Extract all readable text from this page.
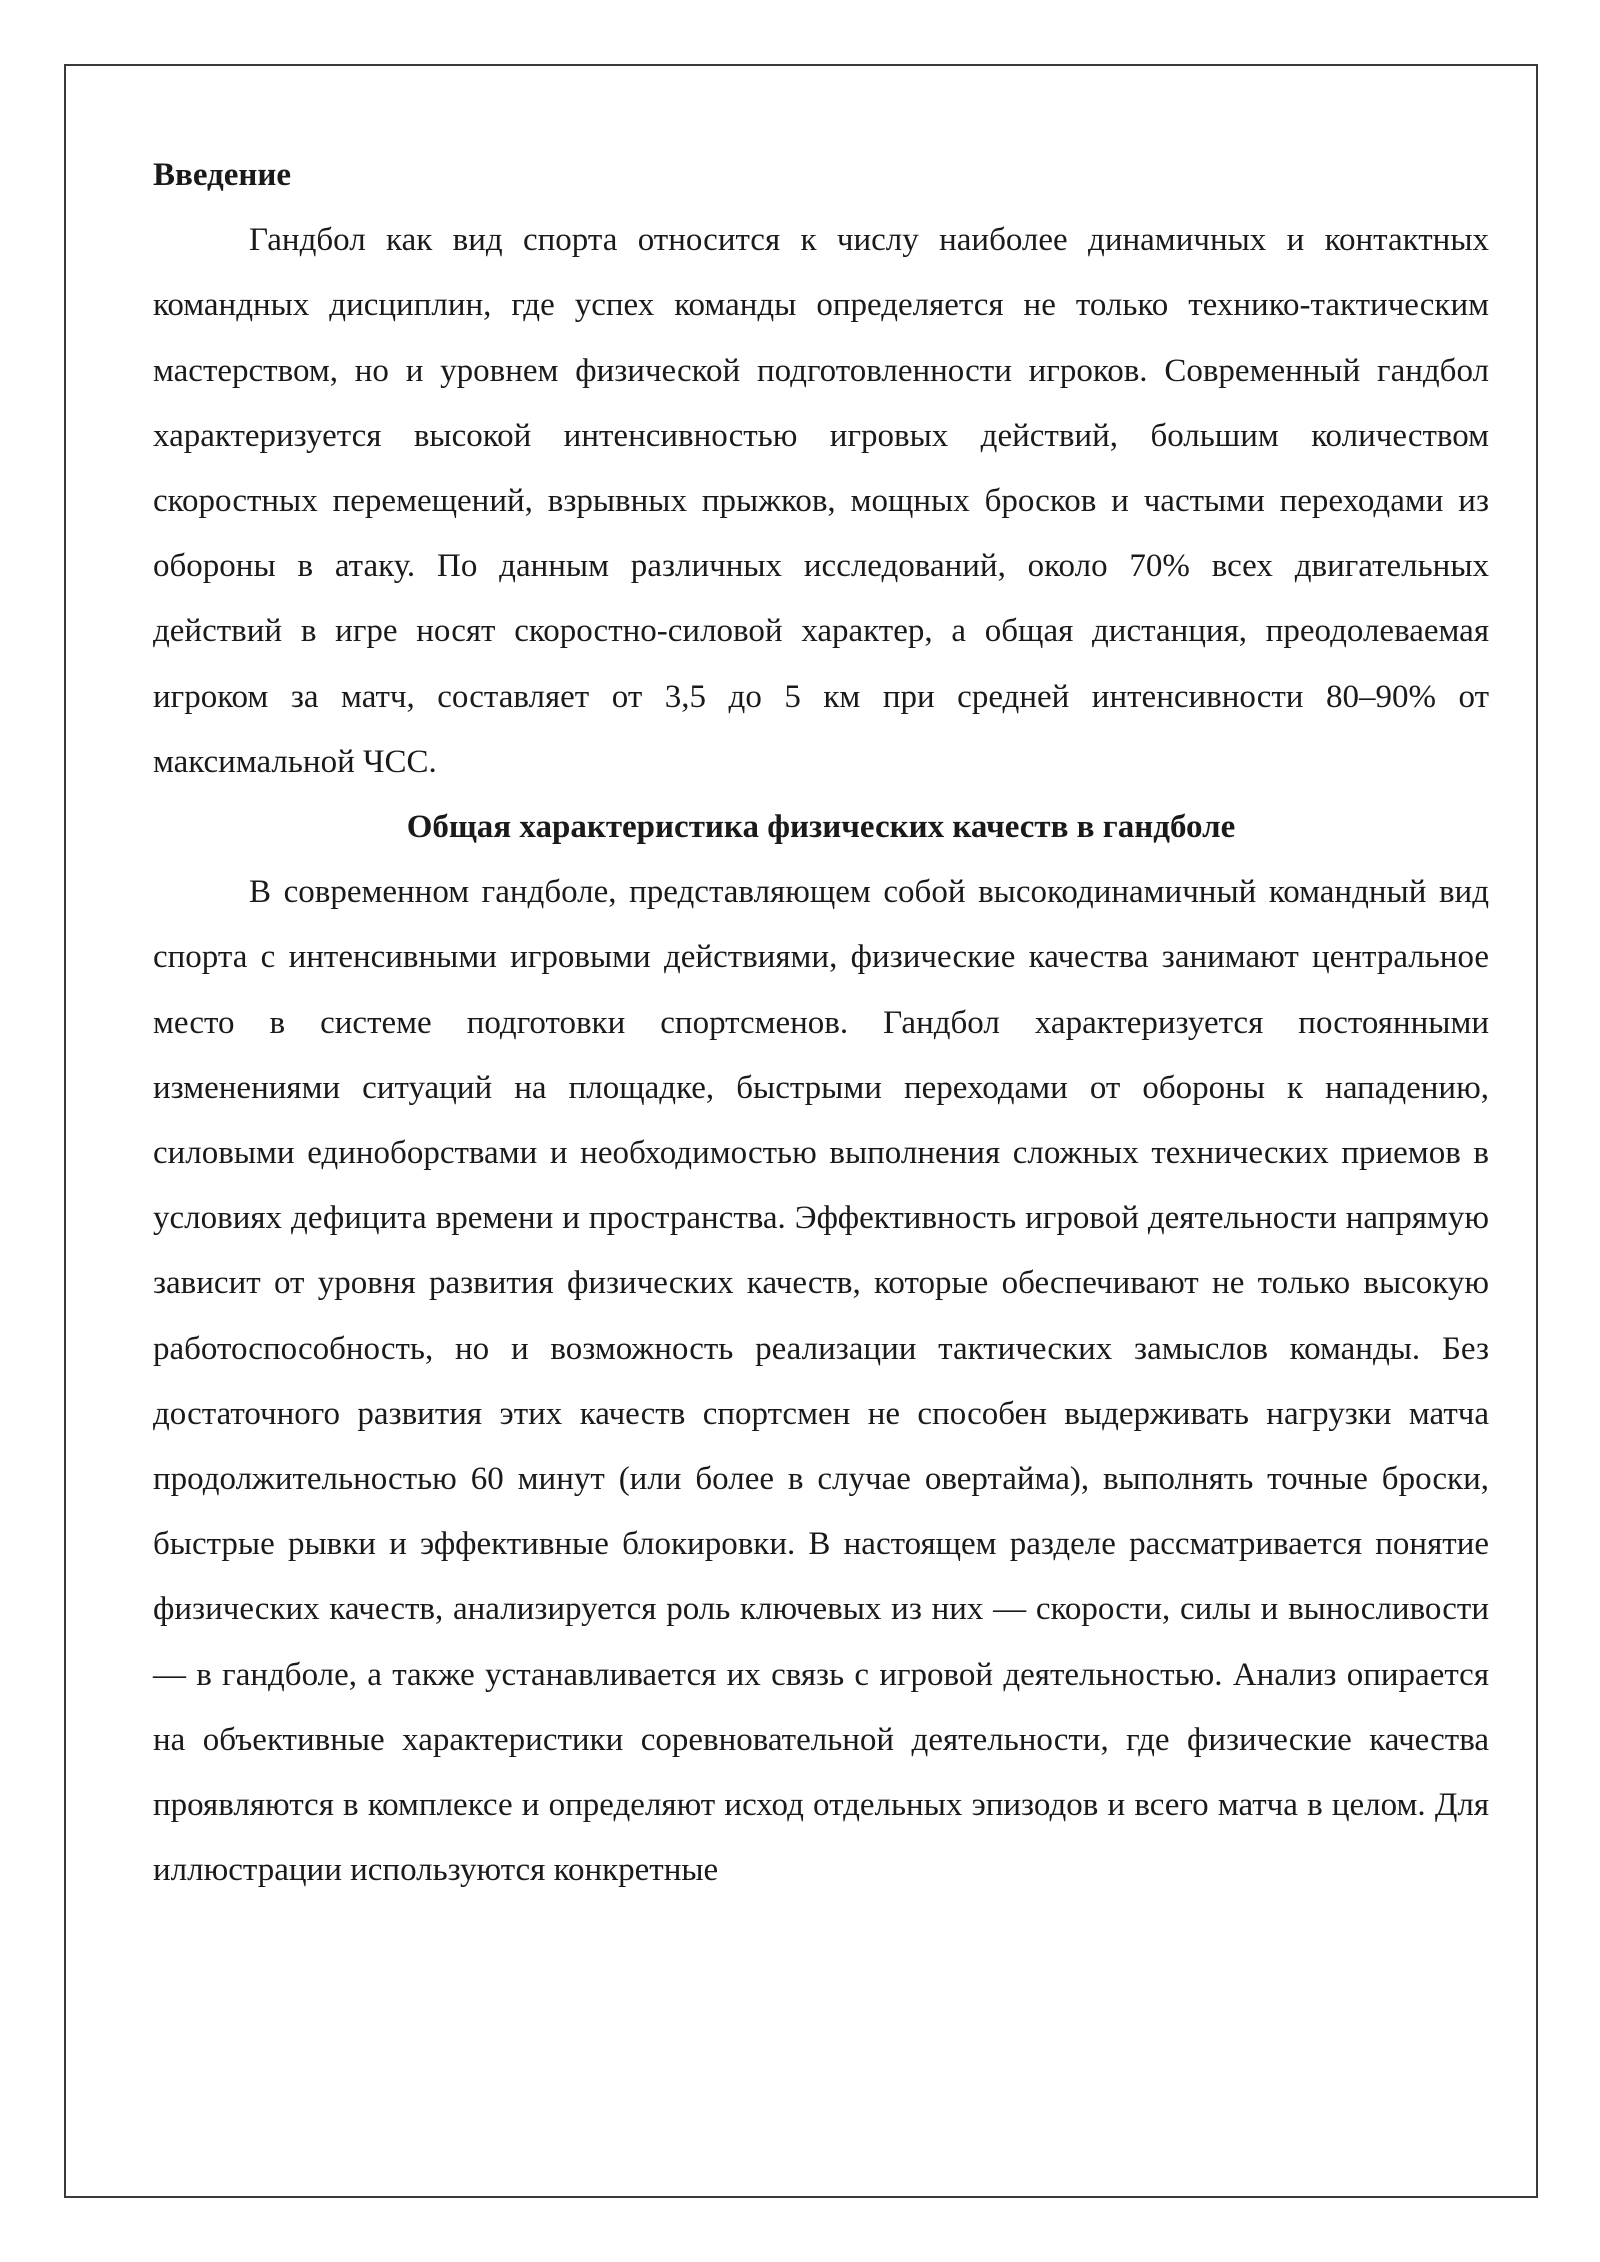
Введение

Гандбол как вид спорта относится к числу наиболее динамичных и контактных командных дисциплин, где успех команды определяется не только технико-тактическим мастерством, но и уровнем физической подготовленности игроков. Современный гандбол характеризуется высокой интенсивностью игровых действий, большим количеством скоростных перемещений, взрывных прыжков, мощных бросков и частыми переходами из обороны в атаку. По данным различных исследований, около 70% всех двигательных действий в игре носят скоростно-силовой характер, а общая дистанция, преодолеваемая игроком за матч, составляет от 3,5 до 5 км при средней интенсивности 80–90% от максимальной ЧСС.

Общая характеристика физических качеств в гандболе

В современном гандболе, представляющем собой высокодинамичный командный вид спорта с интенсивными игровыми действиями, физические качества занимают центральное место в системе подготовки спортсменов. Гандбол характеризуется постоянными изменениями ситуаций на площадке, быстрыми переходами от обороны к нападению, силовыми единоборствами и необходимостью выполнения сложных технических приемов в условиях дефицита времени и пространства. Эффективность игровой деятельности напрямую зависит от уровня развития физических качеств, которые обеспечивают не только высокую работоспособность, но и возможность реализации тактических замыслов команды. Без достаточного развития этих качеств спортсмен не способен выдерживать нагрузки матча продолжительностью 60 минут (или более в случае овертайма), выполнять точные броски, быстрые рывки и эффективные блокировки. В настоящем разделе рассматривается понятие физических качеств, анализируется роль ключевых из них — скорости, силы и выносливости — в гандболе, а также устанавливается их связь с игровой деятельностью. Анализ опирается на объективные характеристики соревновательной деятельности, где физические качества проявляются в комплексе и определяют исход отдельных эпизодов и всего матча в целом. Для иллюстрации используются конкретные
